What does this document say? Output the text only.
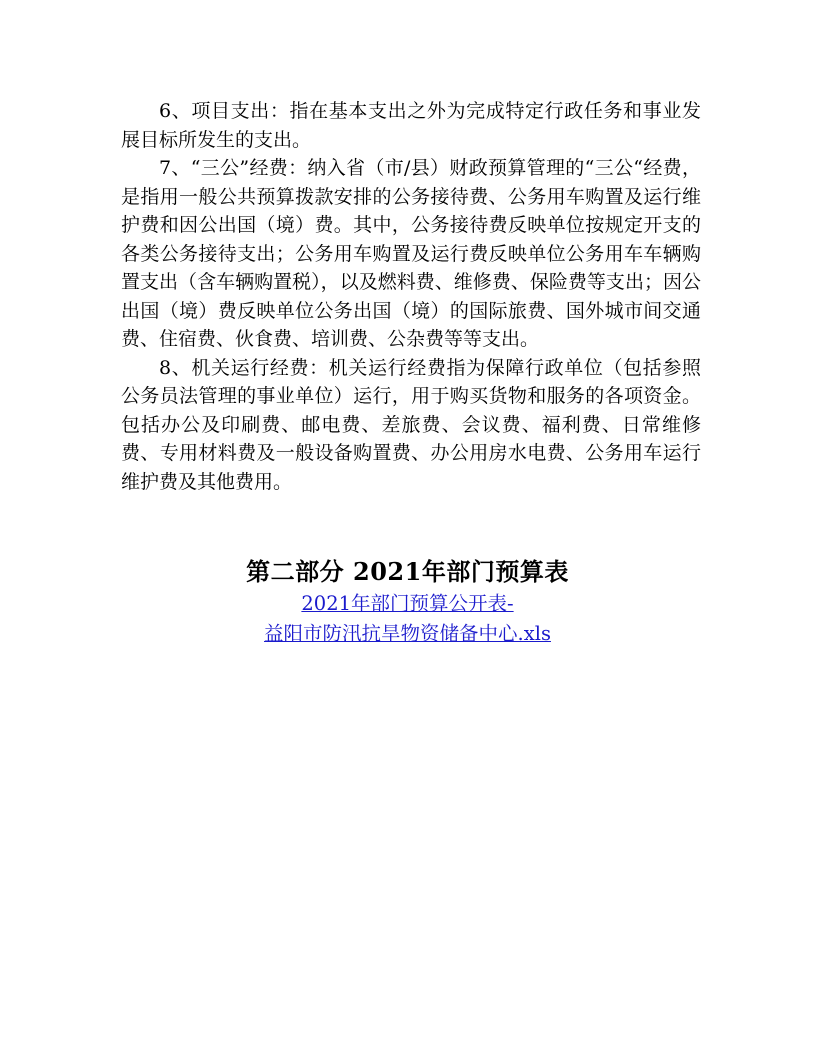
6、项目支出：指在基本支出之外为完成特定行政任务和事业发展目标所发生的支出。

7、“三公”经费：纳入省（市/县）财政预算管理的“三公“经费，是指用一般公共预算拨款安排的公务接待费、公务用车购置及运行维护费和因公出国（境）费。其中，公务接待费反映单位按规定开支的各类公务接待支出；公务用车购置及运行费反映单位公务用车车辆购置支出（含车辆购置税），以及燃料费、维修费、保险费等支出；因公出国（境）费反映单位公务出国（境）的国际旅费、国外城市间交通费、住宿费、伙食费、培训费、公杂费等等支出。

8、机关运行经费：机关运行经费指为保障行政单位（包括参照公务员法管理的事业单位）运行，用于购买货物和服务的各项资金。包括办公及印刷费、邮电费、差旅费、会议费、福利费、日常维修费、专用材料费及一般设备购置费、办公用房水电费、公务用车运行维护费及其他费用。

第二部分 2021年部门预算表
2021年部门预算公开表-
益阳市防汛抗旱物资储备中心.xls
